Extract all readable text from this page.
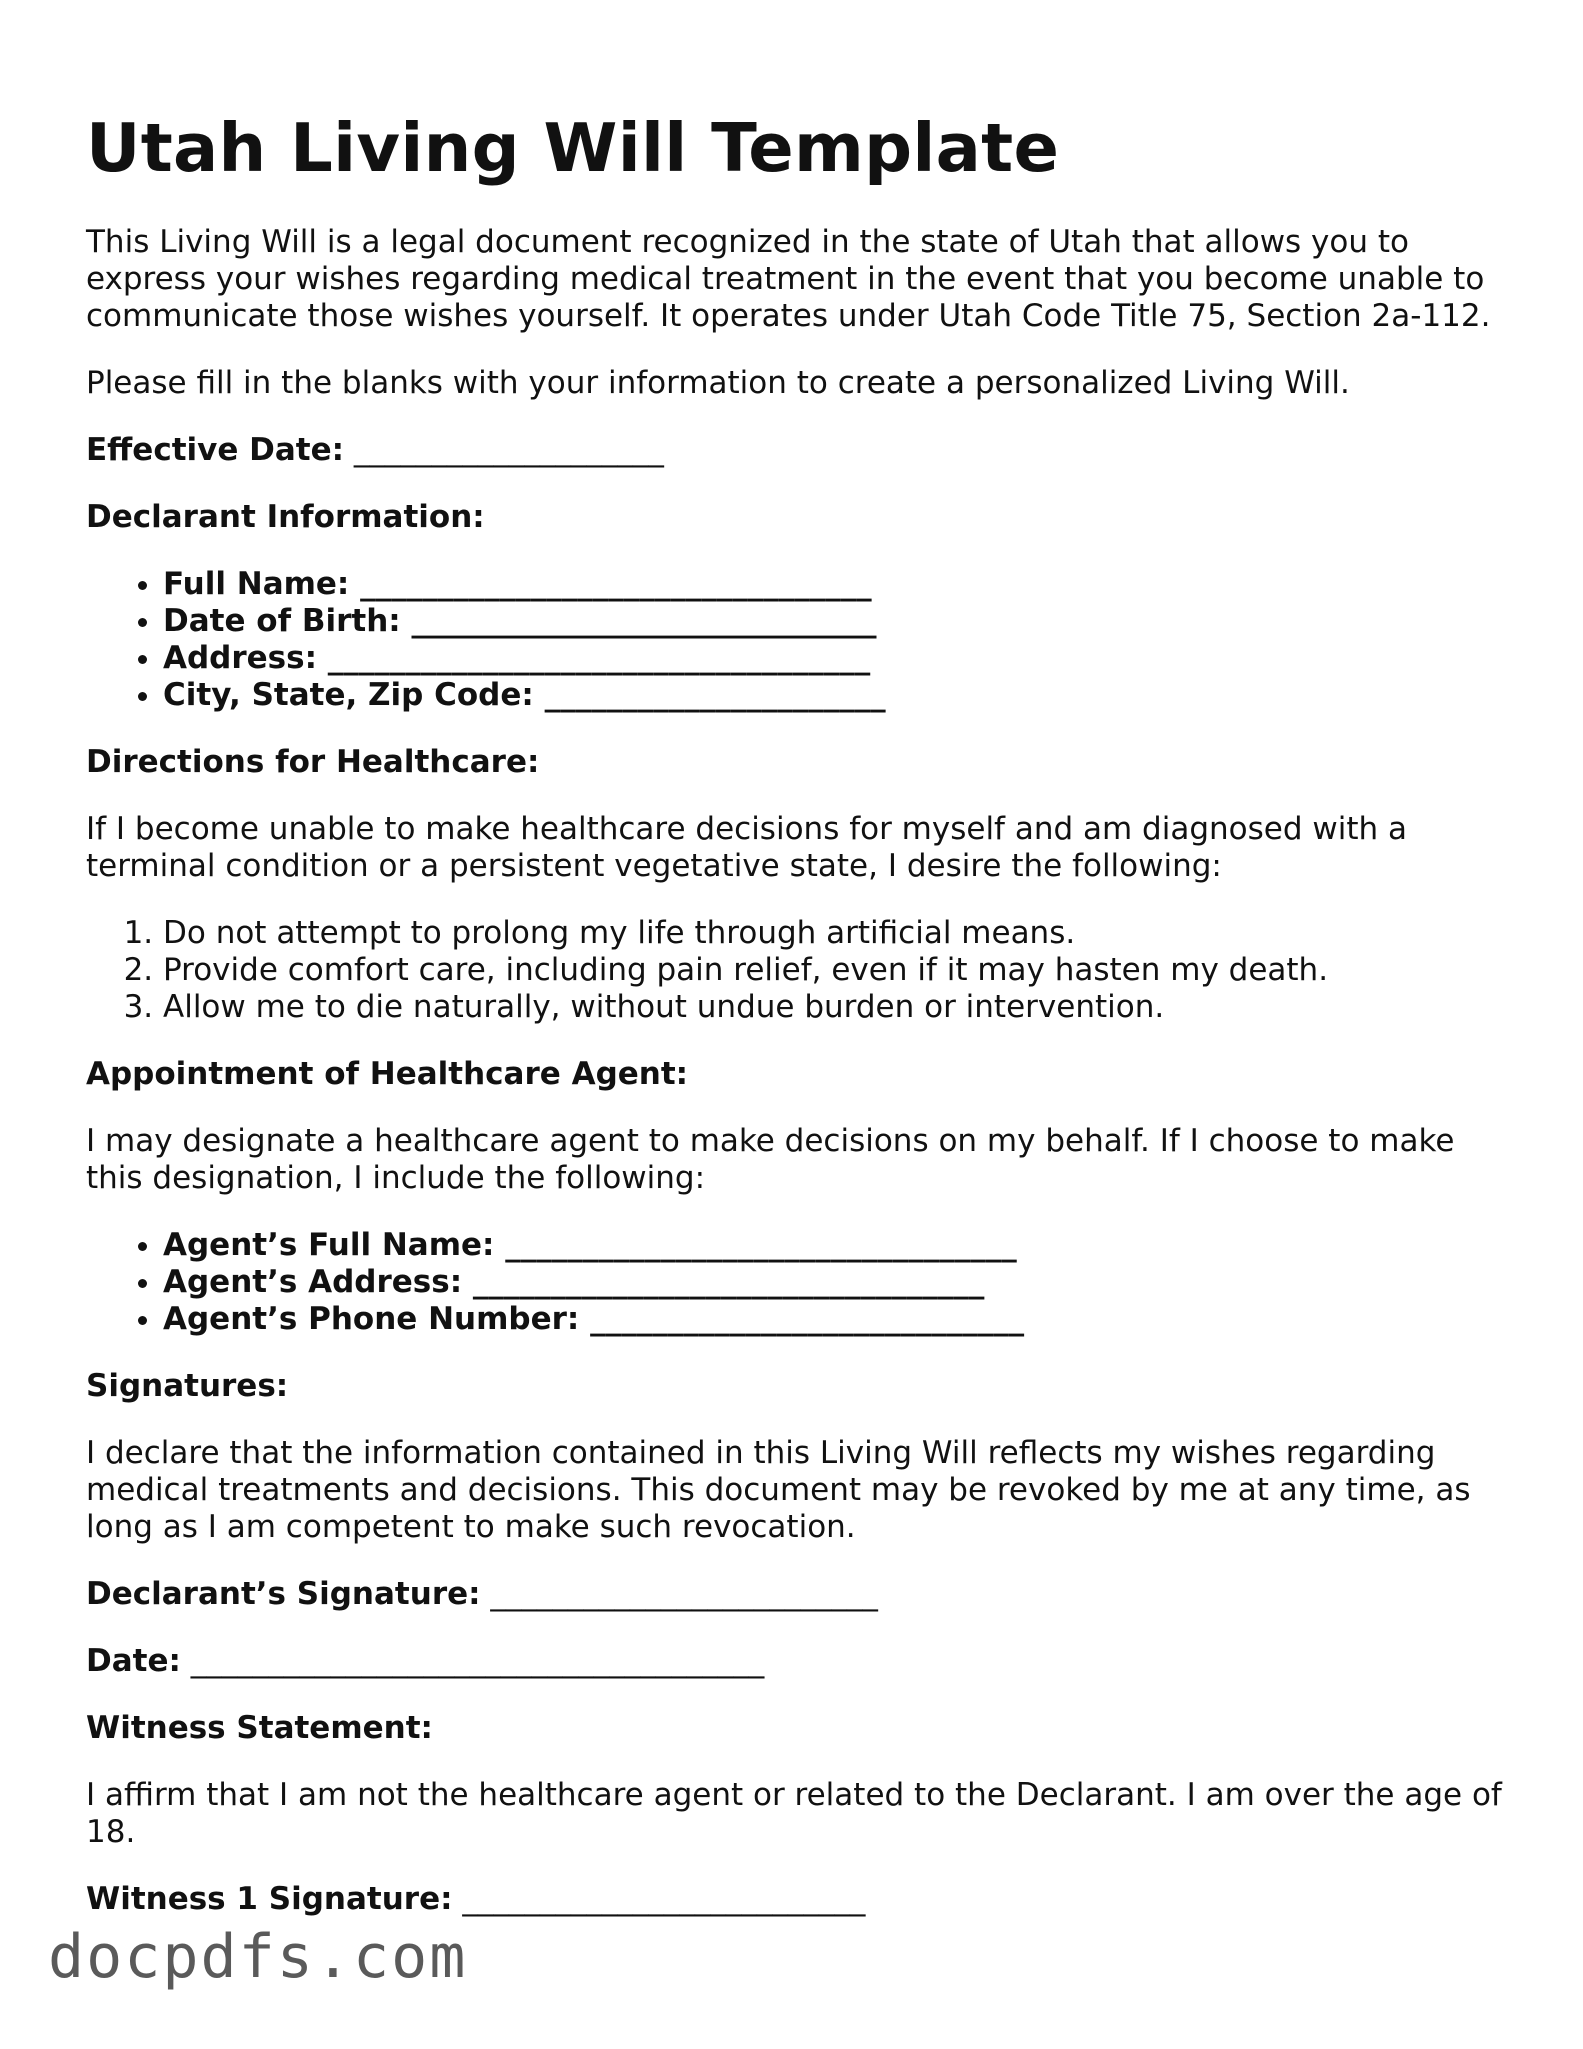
Utah Living Will Template

This Living Will is a legal document recognized in the state of Utah that allows you to express your wishes regarding medical treatment in the event that you become unable to communicate those wishes yourself. It operates under Utah Code Title 75, Section 2a-112.

Please fill in the blanks with your information to create a personalized Living Will.

Effective Date: ____________________

Declarant Information:

• Full Name: _________________________________
• Date of Birth: ______________________________
• Address: ___________________________________
• City, State, Zip Code: ______________________

Directions for Healthcare:

If I become unable to make healthcare decisions for myself and am diagnosed with a terminal condition or a persistent vegetative state, I desire the following:

1. Do not attempt to prolong my life through artificial means.
2. Provide comfort care, including pain relief, even if it may hasten my death.
3. Allow me to die naturally, without undue burden or intervention.

Appointment of Healthcare Agent:

I may designate a healthcare agent to make decisions on my behalf. If I choose to make this designation, I include the following:

• Agent’s Full Name: _________________________________
• Agent’s Address: _________________________________
• Agent’s Phone Number: ____________________________

Signatures:

I declare that the information contained in this Living Will reflects my wishes regarding medical treatments and decisions. This document may be revoked by me at any time, as long as I am competent to make such revocation.

Declarant’s Signature: _________________________

Date: _____________________________________

Witness Statement:

I affirm that I am not the healthcare agent or related to the Declarant. I am over the age of 18.

Witness 1 Signature: __________________________

docpdfs.com
